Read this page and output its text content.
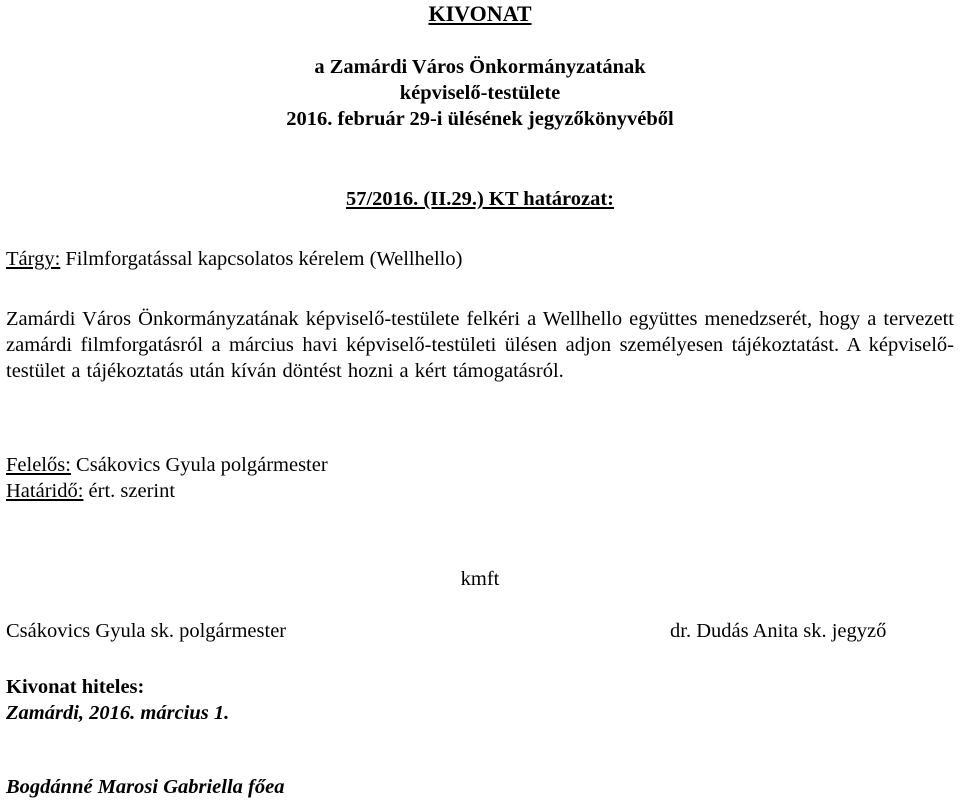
KIVONAT
a Zamárdi Város Önkormányzatának
képviselő-testülete
2016. február 29-i ülésének jegyzőkönyvéből
57/2016. (II.29.) KT határozat:
Tárgy: Filmforgatással kapcsolatos kérelem (Wellhello)
Zamárdi Város Önkormányzatának képviselő-testülete felkéri a Wellhello együttes menedzserét, hogy a tervezett zamárdi filmforgatásról a március havi képviselő-testületi ülésen adjon személyesen tájékoztatást. A képviselő-testület a tájékoztatás után kíván döntést hozni a kért támogatásról.
Felelős: Csákovics Gyula polgármester
Határidő: ért. szerint
kmft
Csákovics Gyula sk. polgármester	dr. Dudás Anita sk. jegyző
Kivonat hiteles:
Zamárdi, 2016. március 1.
Bogdánné Marosi Gabriella főea
